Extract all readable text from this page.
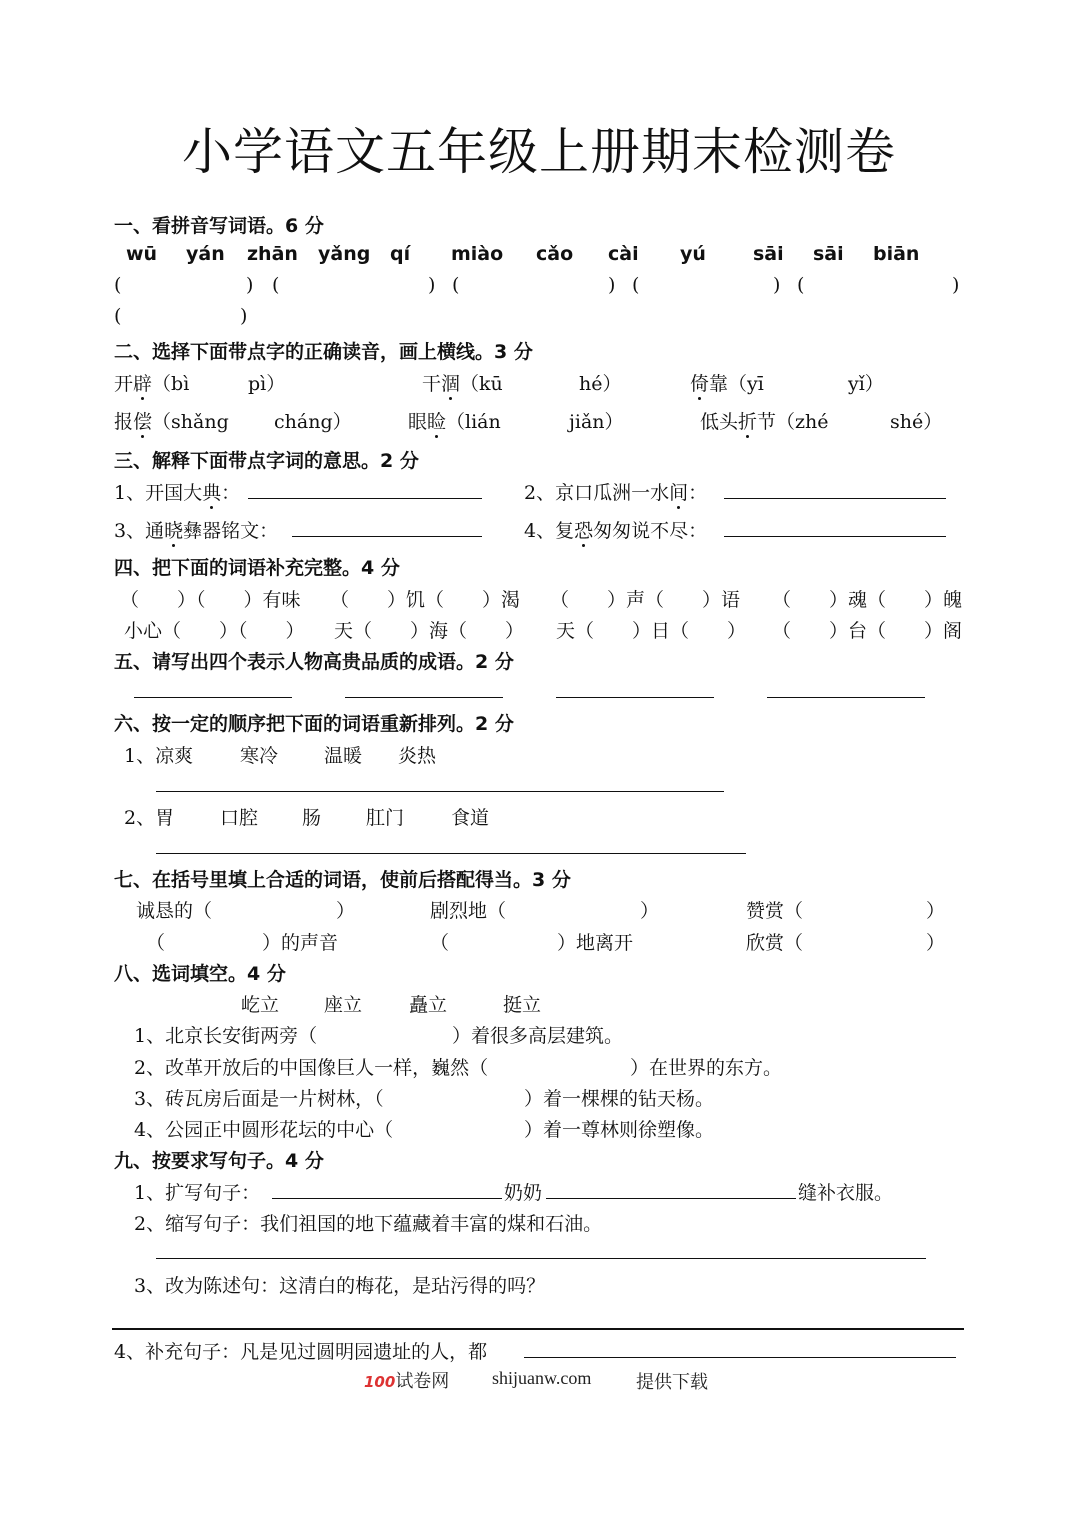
小学语文五年级上册期末检测卷
一、看拼音写词语。6 分
wū yán zhān yǎng qí miào cǎo cài yú sāi sāi biān
(	) (	) (	) (	) (	)
(	)
二、选择下面带点字的正确读音，画上横线。3 分
开辟（bì	pì）	干涸（kū	hé）	倚靠（yī	yǐ）
报偿（shǎng cháng）	眼睑（lián	jiǎn）	低头折节（zhé	shé）
三、解释下面带点字词的意思。2 分
1、开国大典：	2、京口瓜洲一水间：
3、通晓彝器铭文：	4、复恐匆匆说不尽：
四、把下面的词语补充完整。4 分
（　　）（　　）有味 （　　）饥（　　）渴 （　　）声（　　）语 （　　）魂（　　）魄
小心（　　）（　　） 天（　　）海（　　） 天（　　）日（　　） （　　）台（　　）阁
五、请写出四个表示人物高贵品质的成语。2 分
六、按一定的顺序把下面的词语重新排列。2 分
1、凉爽 寒冷 温暖 炎热
2、胃 口腔 肠 肛门 食道
七、在括号里填上合适的词语，使前后搭配得当。3 分
诚恳的（	）	剧烈地（	）	赞赏（	）
（	）的声音	（	）地离开	欣赏（	）
八、选词填空。4 分
屹立 座立 矗立	挺立
1、北京长安街两旁（	）着很多高层建筑。
2、改革开放后的中国像巨人一样，巍然（	）在世界的东方。
3、砖瓦房后面是一片树林，（	）着一棵棵的钻天杨。
4、公园正中圆形花坛的中心（	）着一尊林则徐塑像。
九、按要求写句子。4 分
1、扩写句子：	奶奶	缝补衣服。
2、缩写句子：我们祖国的地下蕴藏着丰富的煤和石油。
3、改为陈述句：这清白的梅花，是玷污得的吗？
4、补充句子：凡是见过圆明园遗址的人，都
100试卷网 shijuanw.com 提供下载
